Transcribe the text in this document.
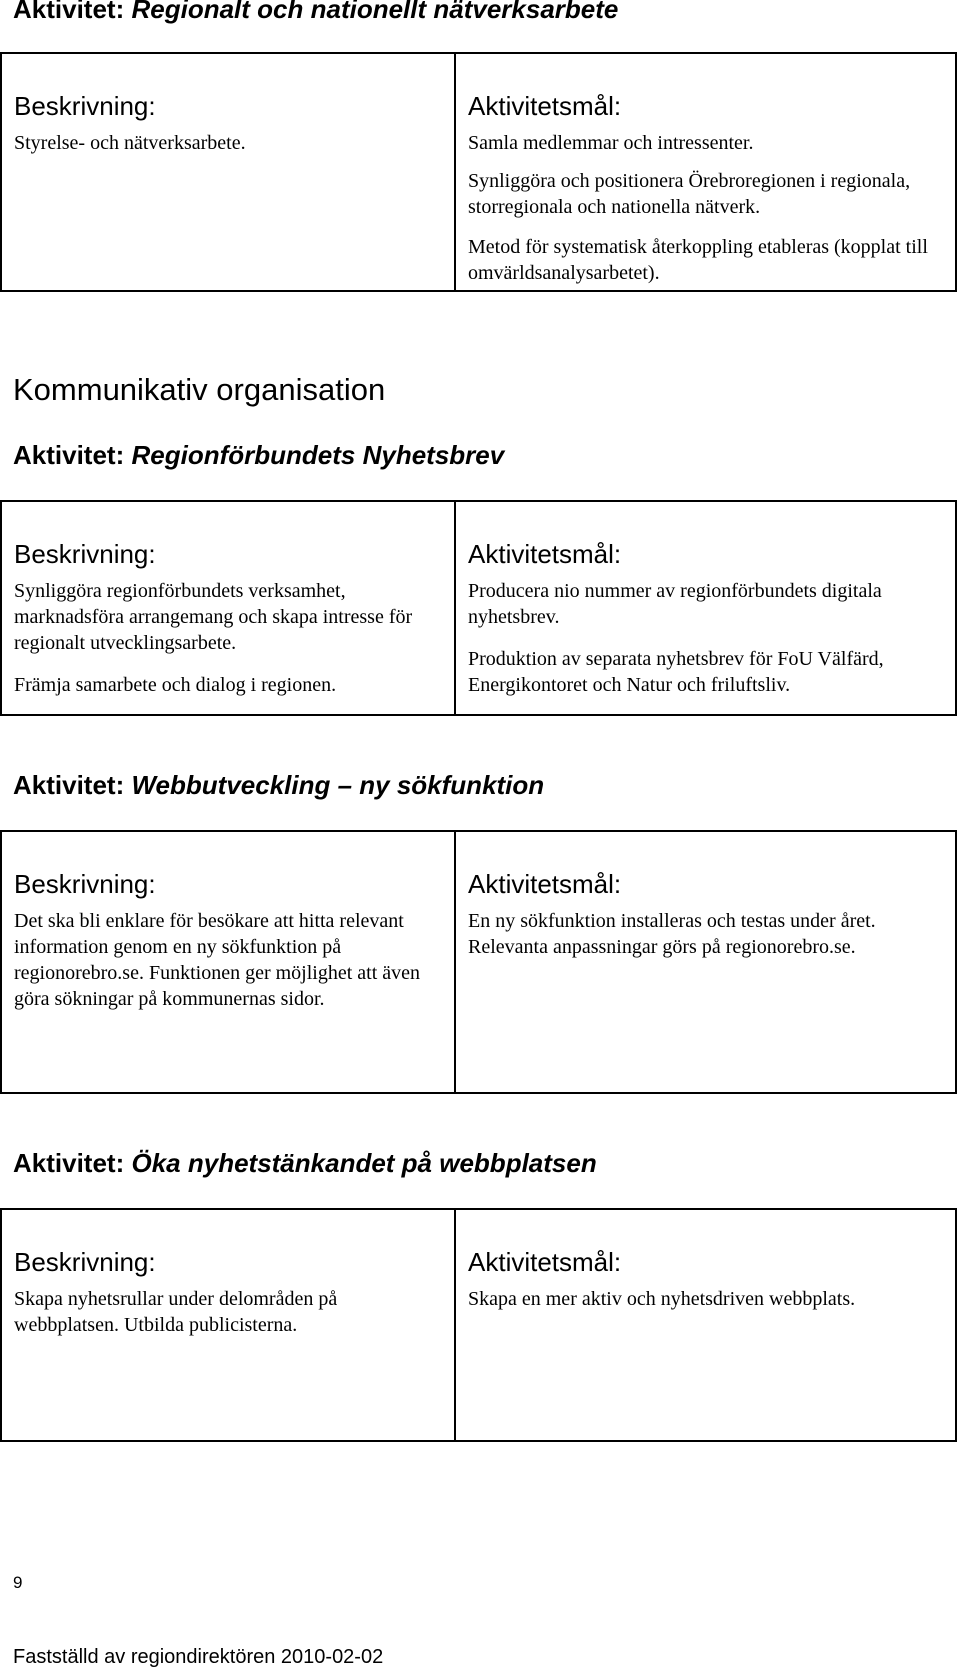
Aktivitet: Regionalt och nationellt nätverksarbete
Beskrivning:

Styrelse- och nätverksarbete.

Aktivitetsmål:

Samla medlemmar och intressenter.

Synliggöra och positionera Örebroregionen i regionala, storregionala och nationella nätverk.

Metod för systematisk återkoppling etableras (kopplat till omvärldsanalysarbetet).

Kommunikativ organisation
Aktivitet: Regionförbundets Nyhetsbrev
Beskrivning:

Synliggöra regionförbundets verksamhet, marknadsföra arrangemang och skapa intresse för regionalt utvecklingsarbete.

Främja samarbete och dialog i regionen.

Aktivitetsmål:

Producera nio nummer av regionförbundets digitala nyhetsbrev.

Produktion av separata nyhetsbrev för FoU Välfärd, Energikontoret och Natur och friluftsliv.

Aktivitet: Webbutveckling – ny sökfunktion
Beskrivning:

Det ska bli enklare för besökare att hitta relevant information genom en ny sökfunktion på regionorebro.se. Funktionen ger möjlighet att även göra sökningar på kommunernas sidor.

Aktivitetsmål:

En ny sökfunktion installeras och testas under året. Relevanta anpassningar görs på regionorebro.se.

Aktivitet: Öka nyhetstänkandet på webbplatsen
Beskrivning:

Skapa nyhetsrullar under delområden på webbplatsen. Utbilda publicisterna.

Aktivitetsmål:

Skapa en mer aktiv och nyhetsdriven webbplats.

9
Fastställd av regiondirektören 2010-02-02
